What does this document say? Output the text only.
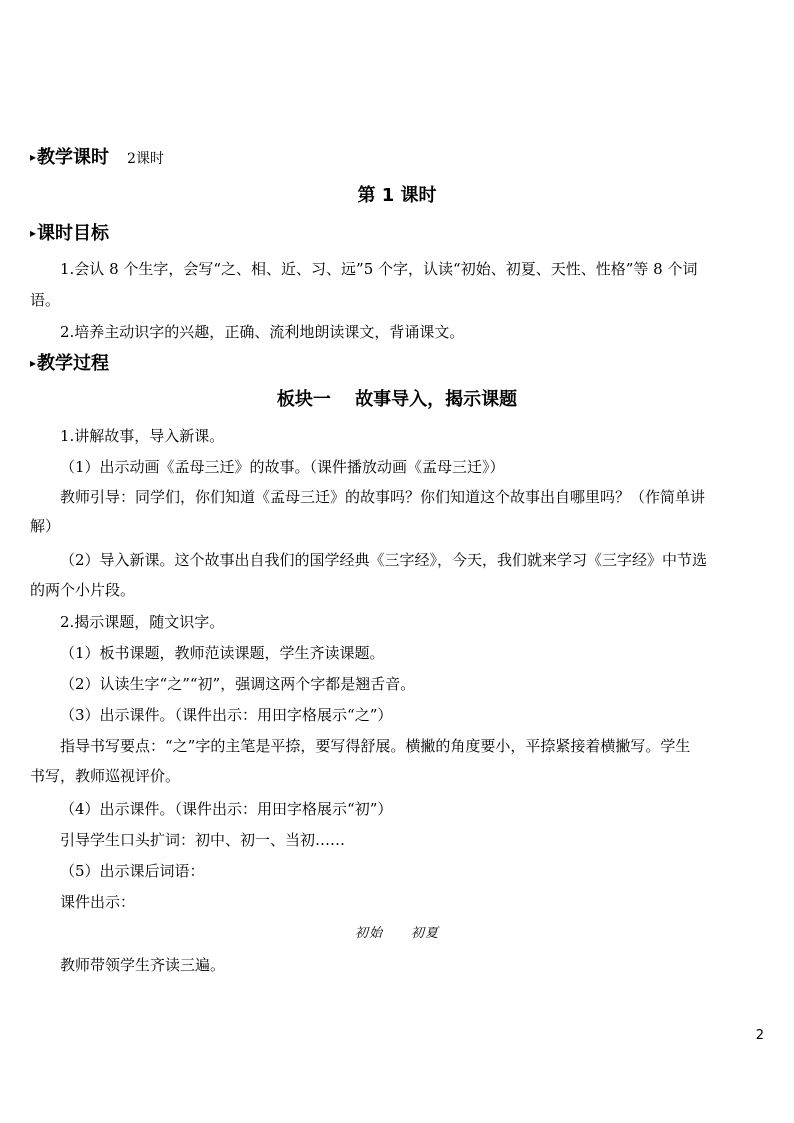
▸教学课时 2课时
第 1 课时
▸课时目标
1.会认 8 个生字，会写“之、相、近、习、远”5 个字，认读“初始、初夏、天性、性格”等 8 个词
语。
2.培养主动识字的兴趣，正确、流利地朗读课文，背诵课文。
▸教学过程
板块一　 故事导入，揭示课题
1.讲解故事，导入新课。
（1）出示动画《孟母三迁》的故事。（课件播放动画《孟母三迁》）
教师引导：同学们，你们知道《孟母三迁》的故事吗？你们知道这个故事出自哪里吗？（作简单讲
解）
（2）导入新课。这个故事出自我们的国学经典《三字经》，今天，我们就来学习《三字经》中节选
的两个小片段。
2.揭示课题，随文识字。
（1）板书课题，教师范读课题，学生齐读课题。
（2）认读生字“之”“初”，强调这两个字都是翘舌音。
（3）出示课件。（课件出示：用田字格展示“之”）
指导书写要点：“之”字的主笔是平捺，要写得舒展。横撇的角度要小，平捺紧接着横撇写。学生
书写，教师巡视评价。
（4）出示课件。（课件出示：用田字格展示“初”）
引导学生口头扩词：初中、初一、当初……
（5）出示课后词语：
课件出示：
初始 初夏
教师带领学生齐读三遍。
2
